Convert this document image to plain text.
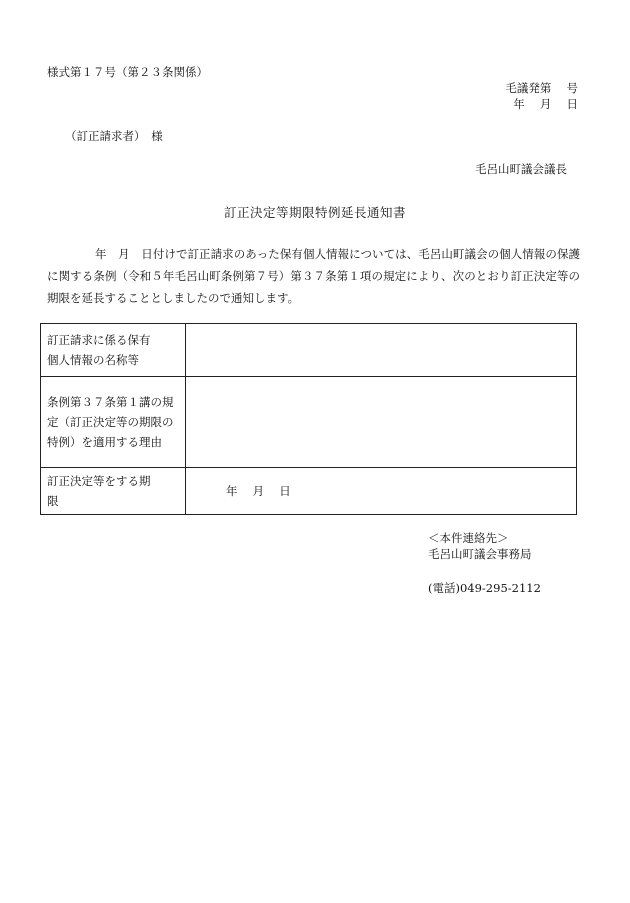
様式第１７号（第２３条関係）
毛議発第　 号
年　 月　 日
（訂正請求者）　様
毛呂山町議会議長
訂正決定等期限特例延長通知書
年　月　日付けで訂正請求のあった保有個人情報については、毛呂山町議会の個人情報の保護に関する条例（令和５年毛呂山町条例第７号）第３７条第１項の規定により、次のとおり訂正決定等の期限を延長することとしましたので通知します。
訂正請求に係る保有
個人情報の名称等	

条例第３７条第１講の規
定（訂正決定等の期限の
特例）を適用する理由	

訂正決定等をする期
限	年　 月　 日
＜本件連絡先＞
毛呂山町議会事務局
(電話)049-295-2112
